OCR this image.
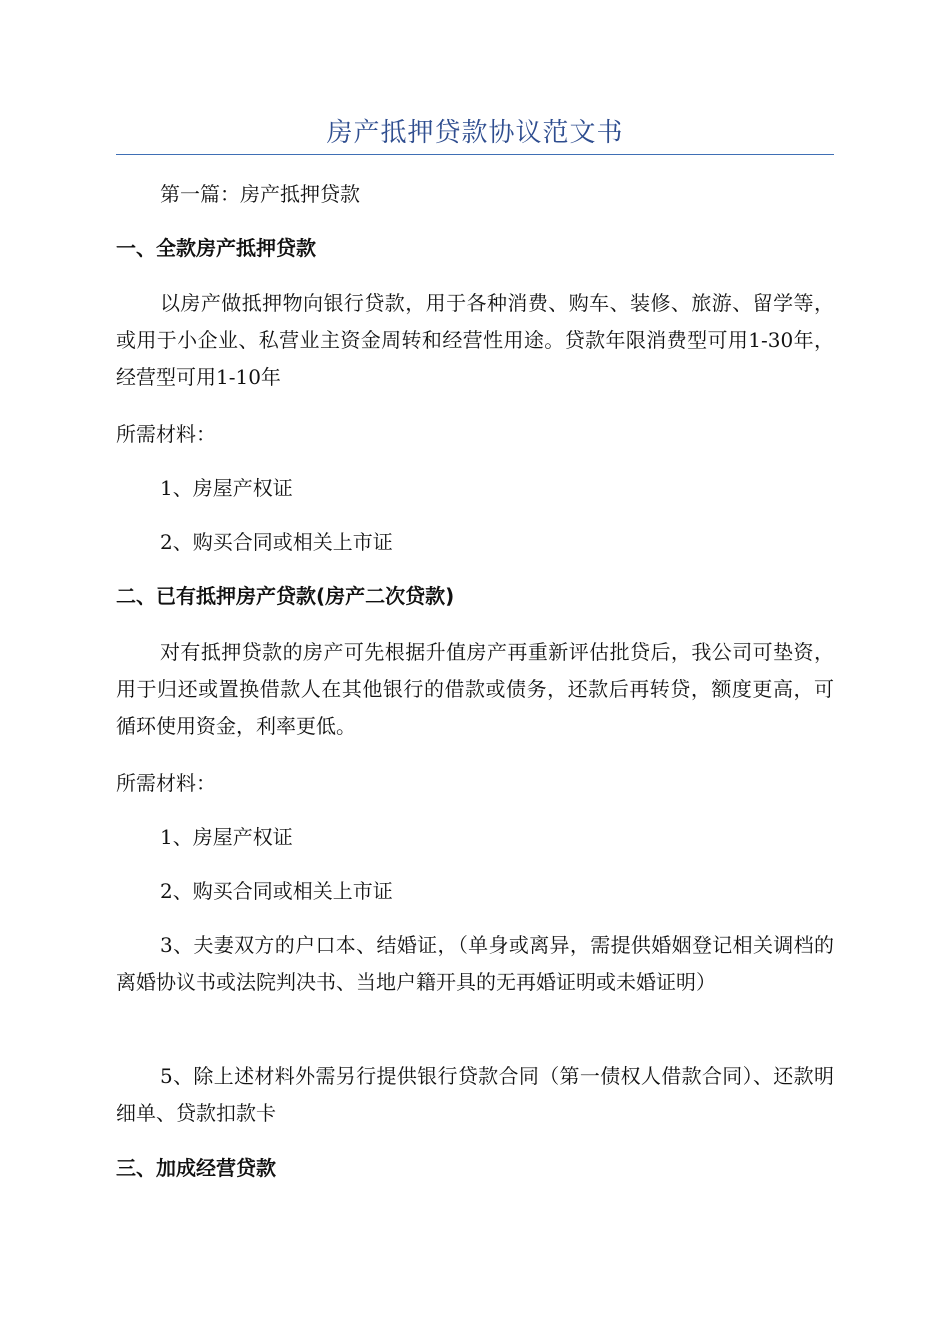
房产抵押贷款协议范文书

第一篇：房产抵押贷款

一、全款房产抵押贷款

以房产做抵押物向银行贷款，用于各种消费、购车、装修、旅游、留学等，或用于小企业、私营业主资金周转和经营性用途。贷款年限消费型可用1-30年，经营型可用1-10年

所需材料：

1、房屋产权证

2、购买合同或相关上市证

二、已有抵押房产贷款(房产二次贷款)

对有抵押贷款的房产可先根据升值房产再重新评估批贷后，我公司可垫资，用于归还或置换借款人在其他银行的借款或债务，还款后再转贷，额度更高，可循环使用资金，利率更低。

所需材料：

1、房屋产权证

2、购买合同或相关上市证

3、夫妻双方的户口本、结婚证，（单身或离异，需提供婚姻登记相关调档的离婚协议书或法院判决书、当地户籍开具的无再婚证明或未婚证明）

5、除上述材料外需另行提供银行贷款合同（第一债权人借款合同）、还款明细单、贷款扣款卡

三、加成经营贷款
